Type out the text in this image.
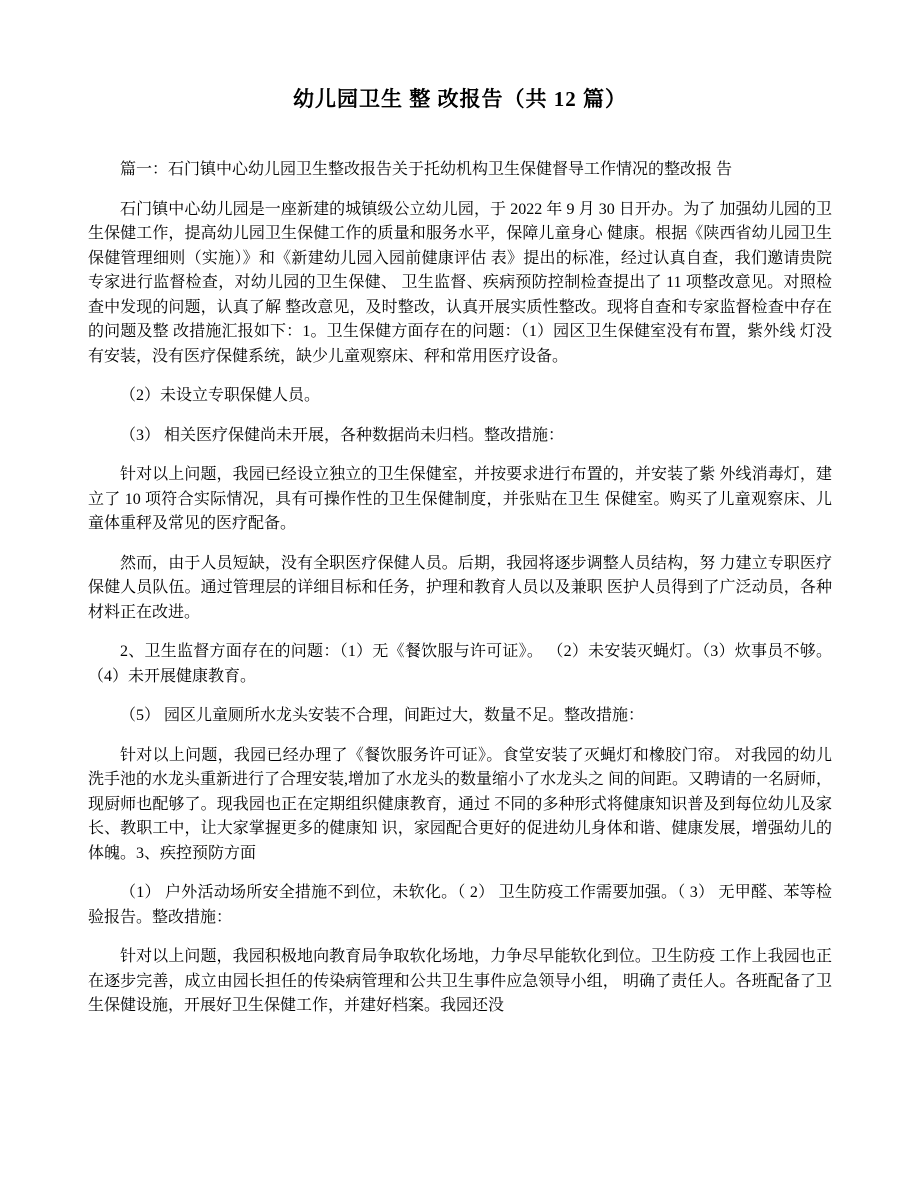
幼儿园卫生 整 改报告（共 12 篇）

篇一：石门镇中心幼儿园卫生整改报告关于托幼机构卫生保健督导工作情况的整改报 告

石门镇中心幼儿园是一座新建的城镇级公立幼儿园，于 2022 年 9 月 30 日开办。为了 加强幼儿园的卫生保健工作，提高幼儿园卫生保健工作的质量和服务水平，保障儿童身心 健康。根据《陕西省幼儿园卫生保健管理细则（实施）》和《新建幼儿园入园前健康评估 表》提出的标准，经过认真自查，我们邀请贵院专家进行监督检查，对幼儿园的卫生保健、 卫生监督、疾病预防控制检查提出了 11 项整改意见。对照检查中发现的问题，认真了解 整改意见，及时整改，认真开展实质性整改。现将自查和专家监督检查中存在的问题及整 改措施汇报如下：1。卫生保健方面存在的问题：（1）园区卫生保健室没有布置，紫外线 灯没有安装，没有医疗保健系统，缺少儿童观察床、秤和常用医疗设备。

（2）未设立专职保健人员。

（3） 相关医疗保健尚未开展，各种数据尚未归档。整改措施：

针对以上问题，我园已经设立独立的卫生保健室，并按要求进行布置的，并安装了紫 外线消毒灯，建立了 10 项符合实际情况，具有可操作性的卫生保健制度，并张贴在卫生 保健室。购买了儿童观察床、儿童体重秤及常见的医疗配备。

然而，由于人员短缺，没有全职医疗保健人员。后期，我园将逐步调整人员结构，努 力建立专职医疗保健人员队伍。通过管理层的详细目标和任务，护理和教育人员以及兼职 医护人员得到了广泛动员，各种材料正在改进。

2、卫生监督方面存在的问题：（1）无《餐饮服与许可证》。 （2）未安装灭蝇灯。（3）炊事员不够。（4）未开展健康教育。

（5） 园区儿童厕所水龙头安装不合理，间距过大，数量不足。整改措施：

针对以上问题，我园已经办理了《餐饮服务许可证》。食堂安装了灭蝇灯和橡胶门帘。 对我园的幼儿洗手池的水龙头重新进行了合理安装,增加了水龙头的数量缩小了水龙头之 间的间距。又聘请的一名厨师，现厨师也配够了。现我园也正在定期组织健康教育，通过 不同的多种形式将健康知识普及到每位幼儿及家长、教职工中，让大家掌握更多的健康知 识，家园配合更好的促进幼儿身体和谐、健康发展，增强幼儿的体魄。3、疾控预防方面

（1） 户外活动场所安全措施不到位，未软化。（ 2） 卫生防疫工作需要加强。（ 3） 无甲醛、苯等检验报告。整改措施：

针对以上问题，我园积极地向教育局争取软化场地，力争尽早能软化到位。卫生防疫 工作上我园也正在逐步完善，成立由园长担任的传染病管理和公共卫生事件应急领导小组， 明确了责任人。各班配备了卫生保健设施，开展好卫生保健工作，并建好档案。我园还没
